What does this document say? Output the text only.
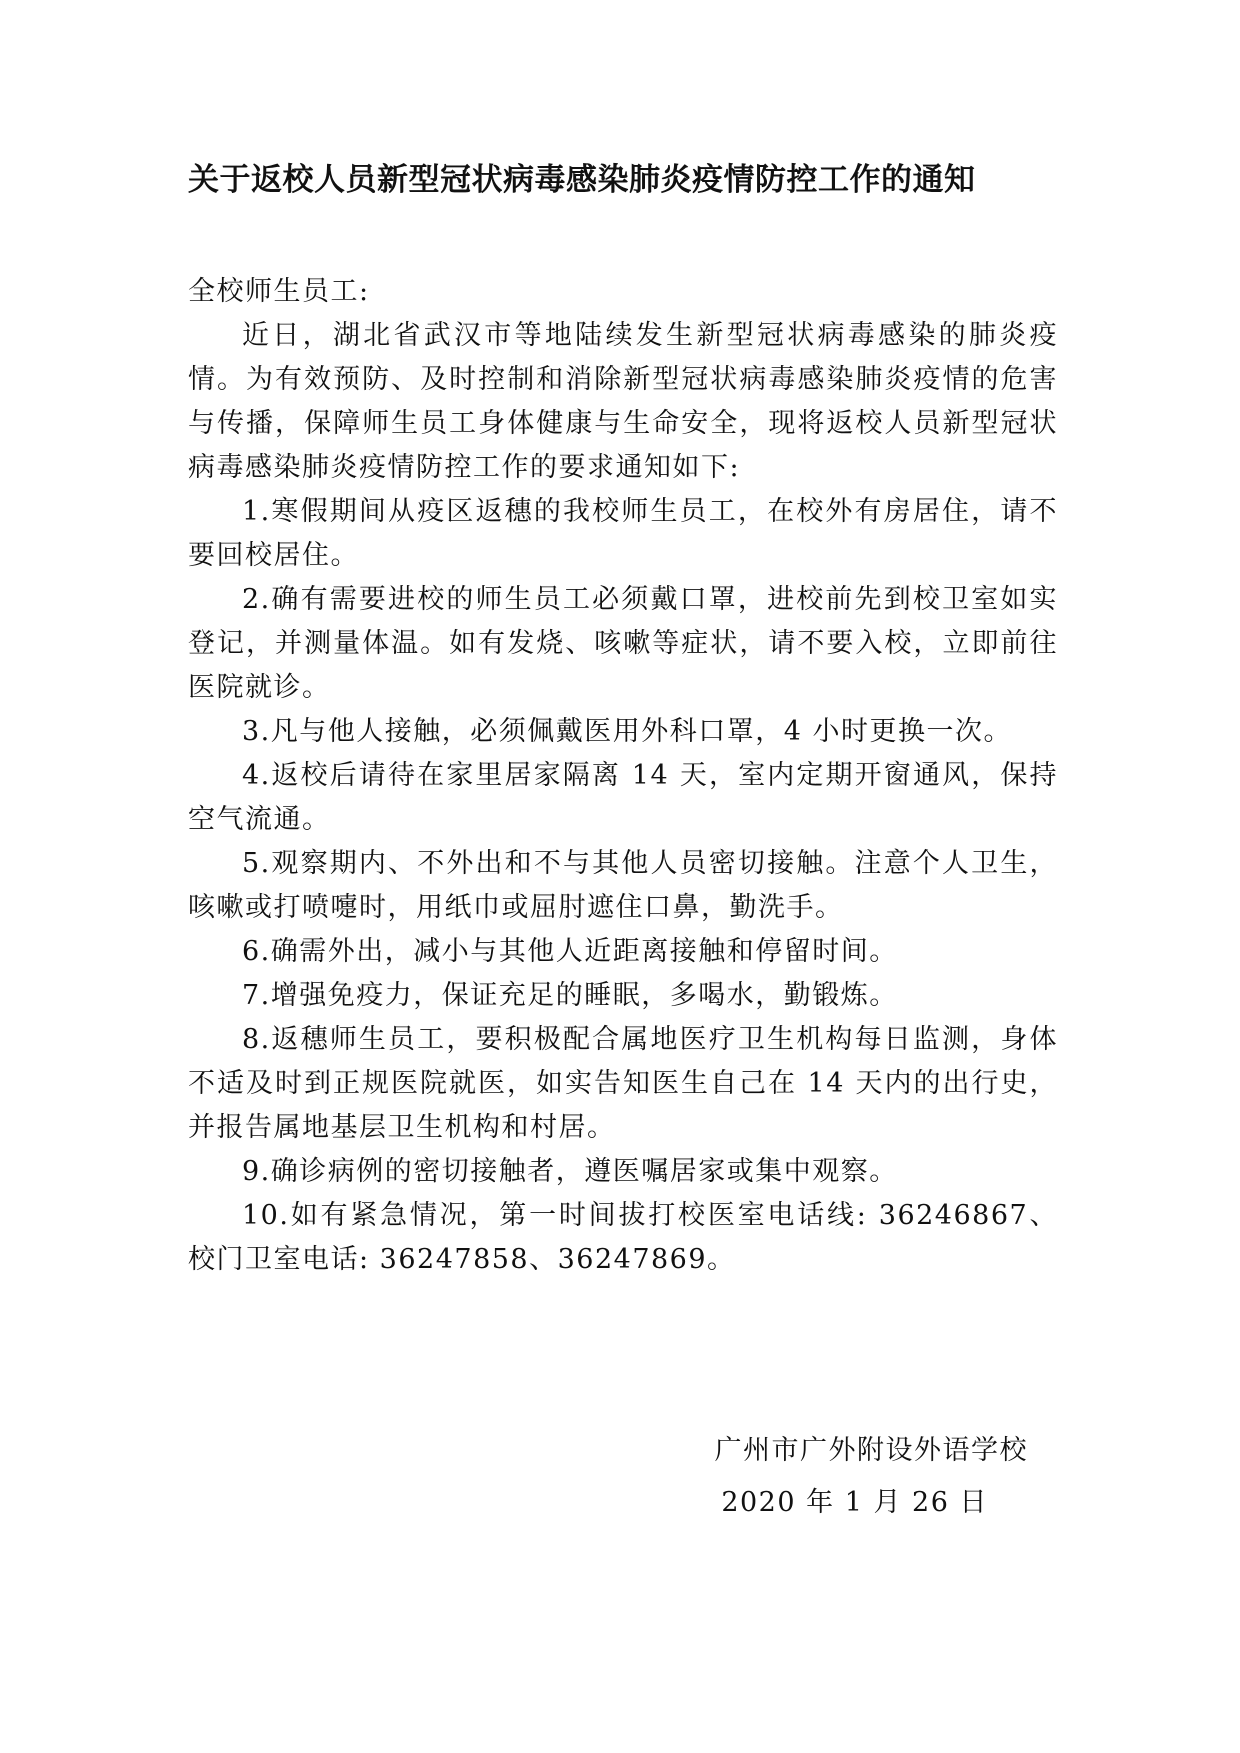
关于返校人员新型冠状病毒感染肺炎疫情防控工作的通知

全校师生员工:

近日，湖北省武汉市等地陆续发生新型冠状病毒感染的肺炎疫情。为有效预防、及时控制和消除新型冠状病毒感染肺炎疫情的危害与传播，保障师生员工身体健康与生命安全，现将返校人员新型冠状病毒感染肺炎疫情防控工作的要求通知如下:

1.寒假期间从疫区返穗的我校师生员工，在校外有房居住，请不要回校居住。

2.确有需要进校的师生员工必须戴口罩，进校前先到校卫室如实登记，并测量体温。如有发烧、咳嗽等症状，请不要入校，立即前往医院就诊。

3.凡与他人接触，必须佩戴医用外科口罩，4 小时更换一次。

4.返校后请待在家里居家隔离 14 天，室内定期开窗通风，保持空气流通。

5.观察期内、不外出和不与其他人员密切接触。注意个人卫生，咳嗽或打喷嚏时，用纸巾或屈肘遮住口鼻，勤洗手。

6.确需外出，减小与其他人近距离接触和停留时间。

7.增强免疫力，保证充足的睡眠，多喝水，勤锻炼。

8.返穗师生员工，要积极配合属地医疗卫生机构每日监测，身体不适及时到正规医院就医，如实告知医生自己在 14 天内的出行史，并报告属地基层卫生机构和村居。

9.确诊病例的密切接触者，遵医嘱居家或集中观察。

10.如有紧急情况，第一时间拔打校医室电话线: 36246867、校门卫室电话: 36247858、36247869。

广州市广外附设外语学校
2020 年 1 月 26 日
